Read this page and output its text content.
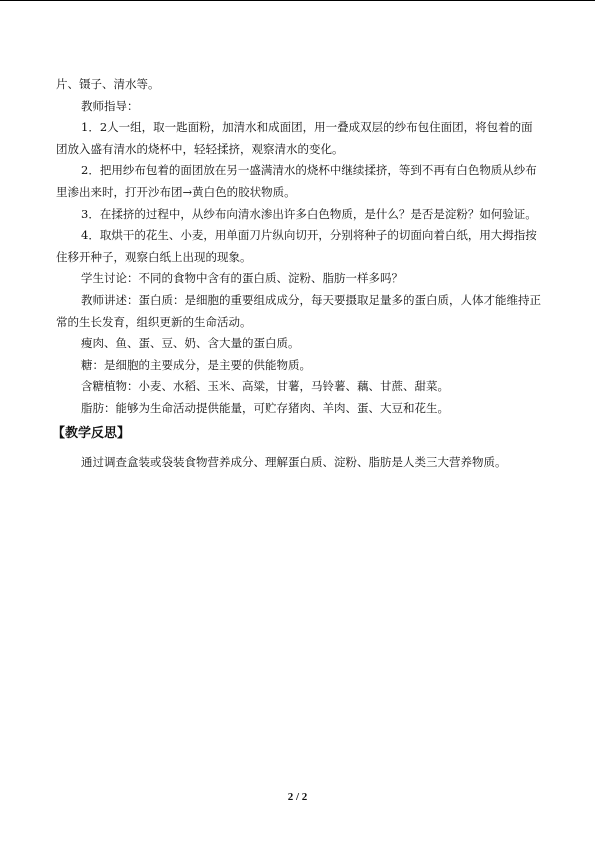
片、镊子、清水等。

教师指导：

1．2人一组，取一匙面粉，加清水和成面团，用一叠成双层的纱布包住面团，将包着的面团放入盛有清水的烧杯中，轻轻揉挤，观察清水的变化。

2．把用纱布包着的面团放在另一盛满清水的烧杯中继续揉挤，等到不再有白色物质从纱布里渗出来时，打开沙布团→黄白色的胶状物质。

3．在揉挤的过程中，从纱布向清水渗出许多白色物质，是什么？是否是淀粉？如何验证。

4．取烘干的花生、小麦，用单面刀片纵向切开，分别将种子的切面向着白纸，用大拇指按住移开种子，观察白纸上出现的现象。

学生讨论：不同的食物中含有的蛋白质、淀粉、脂肪一样多吗？

教师讲述：蛋白质：是细胞的重要组成成分，每天要摄取足量多的蛋白质，人体才能维持正常的生长发育，组织更新的生命活动。

瘦肉、鱼、蛋、豆、奶、含大量的蛋白质。

糖：是细胞的主要成分，是主要的供能物质。

含糖植物：小麦、水稻、玉米、高粱，甘薯，马铃薯、藕、甘蔗、甜菜。

脂肪：能够为生命活动提供能量，可贮存猪肉、羊肉、蛋、大豆和花生。

【教学反思】

通过调查盒装或袋装食物营养成分、理解蛋白质、淀粉、脂肪是人类三大营养物质。

2 / 2
